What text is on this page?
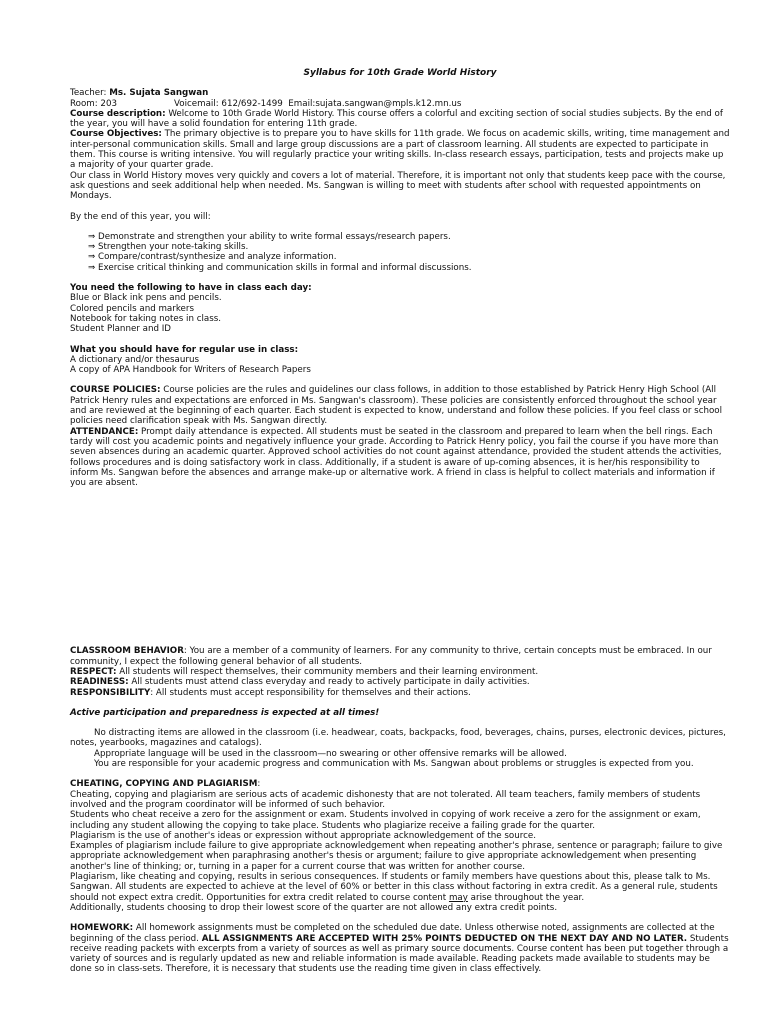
Syllabus for 10th Grade World History

Teacher: Ms. Sujata Sangwan

Room: 203	Voicemail: 612/692-1499
Email:sujata.sangwan@mpls.k12.mn.us

Course description: Welcome to 10th Grade World History. This course offers a colorful and exciting section of social studies subjects. By the end of the year, you will have a solid foundation for entering 11th grade.

Course Objectives: The primary objective is to prepare you to have skills for 11th grade. We focus on academic skills, writing, time management and inter-personal communication skills. Small and large group discussions are a part of classroom learning. All students are expected to participate in them. This course is writing intensive. You will regularly practice your writing skills. In-class research essays, participation, tests and projects make up a majority of your quarter grade.

Our class in World History moves very quickly and covers a lot of material. Therefore, it is important not only that students keep pace with the course, ask questions and seek additional help when needed. Ms. Sangwan is willing to meet with students after school with requested appointments on Mondays.

By the end of this year, you will:

⇒ Demonstrate and strengthen your ability to write formal essays/research papers.
⇒ Strengthen your note-taking skills.
⇒ Compare/contrast/synthesize and analyze information.
⇒ Exercise critical thinking and communication skills in formal and informal discussions.

You need the following to have in class each day:

Blue or Black ink pens and pencils.

Colored pencils and markers

Notebook for taking notes in class.

Student Planner and ID

What you should have for regular use in class:

A dictionary and/or thesaurus

A copy of APA Handbook for Writers of Research Papers

COURSE POLICIES: Course policies are the rules and guidelines our class follows, in addition to those established by Patrick Henry High School (All Patrick Henry rules and expectations are enforced in Ms. Sangwan's classroom). These policies are consistently enforced throughout the school year and are reviewed at the beginning of each quarter. Each student is expected to know, understand and follow these policies. If you feel class or school policies need clarification speak with Ms. Sangwan directly.

ATTENDANCE: Prompt daily attendance is expected. All students must be seated in the classroom and prepared to learn when the bell rings. Each tardy will cost you academic points and negatively influence your grade. According to Patrick Henry policy, you fail the course if you have more than seven absences during an academic quarter. Approved school activities do not count against attendance, provided the student attends the activities, follows procedures and is doing satisfactory work in class. Additionally, if a student is aware of up-coming absences, it is her/his responsibility to inform Ms. Sangwan before the absences and arrange make-up or alternative work. A friend in class is helpful to collect materials and information if you are absent.

CLASSROOM BEHAVIOR: You are a member of a community of learners. For any community to thrive, certain concepts must be embraced. In our community, I expect the following general behavior of all students.

RESPECT: All students will respect themselves, their community members and their learning environment.

READINESS: All students must attend class everyday and ready to actively participate in daily activities.

RESPONSIBILITY: All students must accept responsibility for themselves and their actions.

Active participation and preparedness is expected at all times!

No distracting items are allowed in the classroom (i.e. headwear, coats, backpacks, food, beverages, chains, purses, electronic devices, pictures, notes, yearbooks, magazines and catalogs).

Appropriate language will be used in the classroom—no swearing or other offensive remarks will be allowed.

You are responsible for your academic progress and communication with Ms. Sangwan about problems or struggles is expected from you.

CHEATING, COPYING AND PLAGIARISM:

Cheating, copying and plagiarism are serious acts of academic dishonesty that are not tolerated. All team teachers, family members of students involved and the program coordinator will be informed of such behavior.

Students who cheat receive a zero for the assignment or exam. Students involved in copying of work receive a zero for the assignment or exam, including any student allowing the copying to take place. Students who plagiarize receive a failing grade for the quarter.

Plagiarism is the use of another's ideas or expression without appropriate acknowledgement of the source.

Examples of plagiarism include failure to give appropriate acknowledgement when repeating another's phrase, sentence or paragraph; failure to give appropriate acknowledgement when paraphrasing another's thesis or argument; failure to give appropriate acknowledgement when presenting another's line of thinking; or, turning in a paper for a current course that was written for another course.

Plagiarism, like cheating and copying, results in serious consequences. If students or family members have questions about this, please talk to Ms. Sangwan. All students are expected to achieve at the level of 60% or better in this class without factoring in extra credit. As a general rule, students should not expect extra credit. Opportunities for extra credit related to course content may arise throughout the year.

Additionally, students choosing to drop their lowest score of the quarter are not allowed any extra credit points.

HOMEWORK: All homework assignments must be completed on the scheduled due date. Unless otherwise noted, assignments are collected at the beginning of the class period. ALL ASSIGNMENTS ARE ACCEPTED WITH 25% POINTS DEDUCTED ON THE NEXT DAY AND NO LATER. Students receive reading packets with excerpts from a variety of sources as well as primary source documents. Course content has been put together through a variety of sources and is regularly updated as new and reliable information is made available. Reading packets made available to students may be done so in class-sets. Therefore, it is necessary that students use the reading time given in class effectively.
